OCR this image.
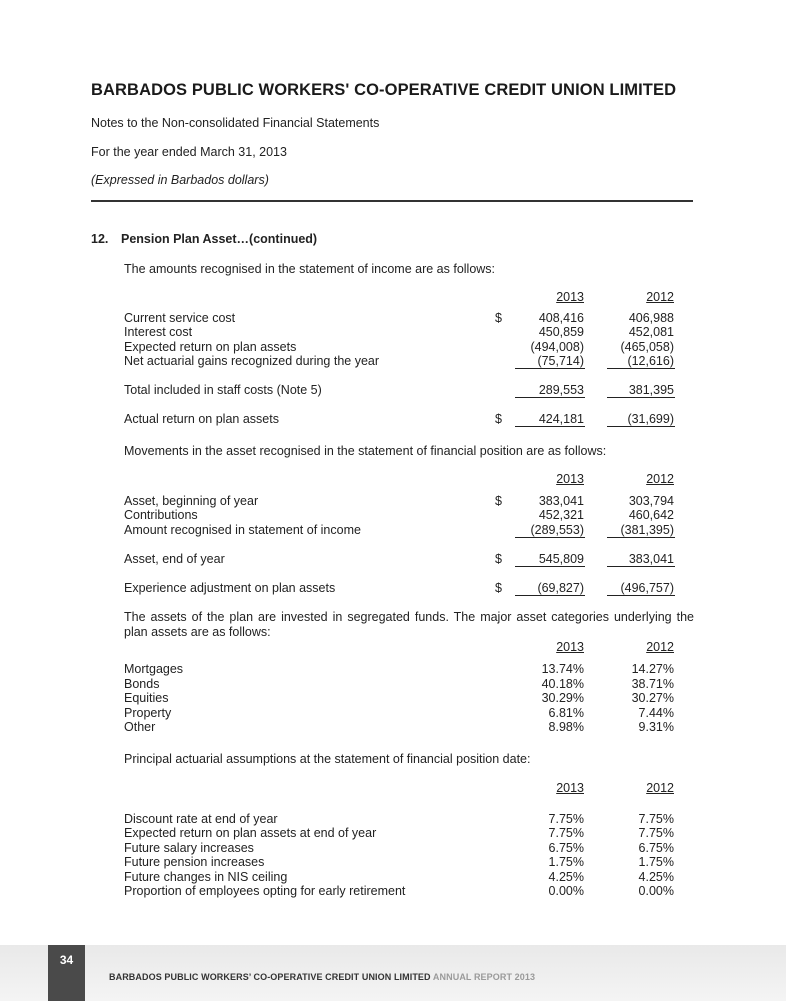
BARBADOS PUBLIC WORKERS' CO-OPERATIVE CREDIT UNION LIMITED
Notes to the Non-consolidated Financial Statements
For the year ended March 31, 2013
(Expressed in Barbados dollars)
12. Pension Plan Asset…(continued)
The amounts recognised in the statement of income are as follows:
2013	2012
$
Current service cost	408,416	406,988
Interest cost	450,859	452,081
Expected return on plan assets	(494,008)	(465,058)
Net actuarial gains recognized during the year	(75,714)	(12,616)
Total included in staff costs (Note 5)	289,553	381,395
$
Actual return on plan assets	424,181	(31,699)
Movements in the asset recognised in the statement of financial position are as follows:
2013	2012
$
Asset, beginning of year	383,041	303,794
Contributions	452,321	460,642
Amount recognised in statement of income	(289,553)	(381,395)
$
Asset, end of year	545,809	383,041
$
Experience adjustment on plan assets	(69,827)	(496,757)
The assets of the plan are invested in segregated funds. The major asset categories underlying the plan assets are as follows:
2013	2012
Mortgages	13.74%	14.27%
Bonds	40.18%	38.71%
Equities	30.29%	30.27%
Property	6.81%	7.44%
Other	8.98%	9.31%
Principal actuarial assumptions at the statement of financial position date:
2013	2012
Discount rate at end of year	7.75%	7.75%
Expected return on plan assets at end of year	7.75%	7.75%
Future salary increases	6.75%	6.75%
Future pension increases	1.75%	1.75%
Future changes in NIS ceiling	4.25%	4.25%
Proportion of employees opting for early retirement	0.00%	0.00%
34
BARBADOS PUBLIC WORKERS’ CO-OPERATIVE CREDIT UNION LIMITED ANNUAL REPORT 2013
